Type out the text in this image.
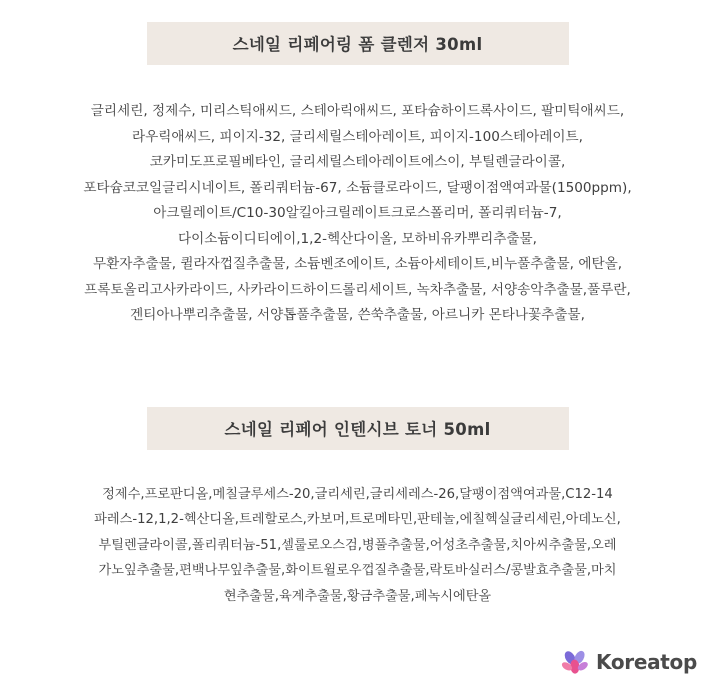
스네일 리페어링 폼 클렌저 30ml
글리세린, 정제수, 미리스틱애씨드, 스테아릭애씨드, 포타슘하이드록사이드, 팔미틱애씨드,
라우릭애씨드, 피이지-32, 글리세릴스테아레이트, 피이지-100스테아레이트,
코카미도프로필베타인, 글리세릴스테아레이트에스이, 부틸렌글라이콜,
포타슘코코일글리시네이트, 폴리쿼터늄-67, 소듐클로라이드, 달팽이점액여과물(1500ppm),
아크릴레이트/C10-30알킬아크릴레이트크로스폴리머, 폴리쿼터늄-7,
다이소듐이디티에이,1,2-헥산다이올, 모하비유카뿌리추출물,
무환자추출물, 퀼라자껍질추출물, 소듐벤조에이트, 소듐아세테이트,비누풀추출물, 에탄올,
프록토올리고사카라이드, 사카라이드하이드롤리세이트, 녹차추출물, 서양송악추출물,풀루란,
겐티아나뿌리추출물, 서양톱풀추출물, 쓴쑥추출물, 아르니카 몬타나꽃추출물,
스네일 리페어 인텐시브 토너 50ml
정제수,프로판디올,메칠글루세스-20,글리세린,글리세레스-26,달팽이점액여과물,C12-14
파레스-12,1,2-헥산디올,트레할로스,카보머,트로메타민,판테놀,에칠헥실글리세린,아데노신,
부틸렌글라이콜,폴리쿼터늄-51,셀룰로오스검,병풀추출물,어성초추출물,치아씨추출물,오레
가노잎추출물,편백나무잎추출물,화이트윌로우껍질추출물,락토바실러스/콩발효추출물,마치
현추출물,육계추출물,황금추출물,페녹시에탄올
Koreatop
